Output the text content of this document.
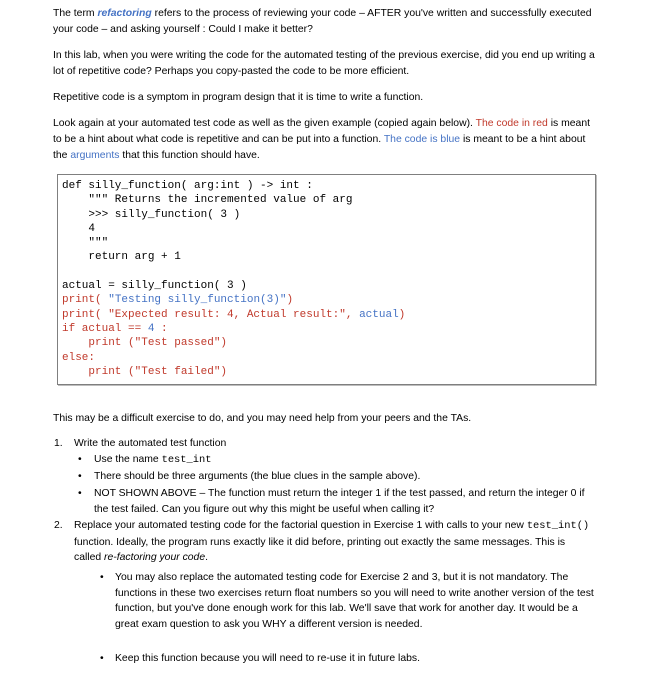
The term refactoring refers to the process of reviewing your code – AFTER you've written and successfully executed your code – and asking yourself : Could I make it better?

In this lab, when you were writing the code for the automated testing of the previous exercise, did you end up writing a lot of repetitive code? Perhaps you copy-pasted the code to be more efficient.

Repetitive code is a symptom in program design that it is time to write a function.

Look again at your automated test code as well as the given example (copied again below). The code in red is meant to be a hint about what code is repetitive and can be put into a function. The code is blue is meant to be a hint about the arguments that this function should have.

def silly_function( arg:int ) -> int :
""" Returns the incremented value of arg
>>> silly_function( 3 )
4
"""
return arg + 1

actual = silly_function( 3 )
print( "Testing silly_function(3)")
print( "Expected result: 4, Actual result:", actual)
if actual == 4 :
print ("Test passed")
else:
print ("Test failed")

This may be a difficult exercise to do, and you may need help from your peers and the TAs.

1. Write the automated test function
• Use the name test_int
• There should be three arguments (the blue clues in the sample above).
• NOT SHOWN ABOVE – The function must return the integer 1 if the test passed, and return the integer 0 if the test failed. Can you figure out why this might be useful when calling it?
2. Replace your automated testing code for the factorial question in Exercise 1 with calls to your new test_int() function. Ideally, the program runs exactly like it did before, printing out exactly the same messages. This is called re-factoring your code.
• You may also replace the automated testing code for Exercise 2 and 3, but it is not mandatory. The functions in these two exercises return float numbers so you will need to write another version of the test function, but you've done enough work for this lab. We'll save that work for another day. It would be a great exam question to ask you WHY a different version is needed.
• Keep this function because you will need to re-use it in future labs.
